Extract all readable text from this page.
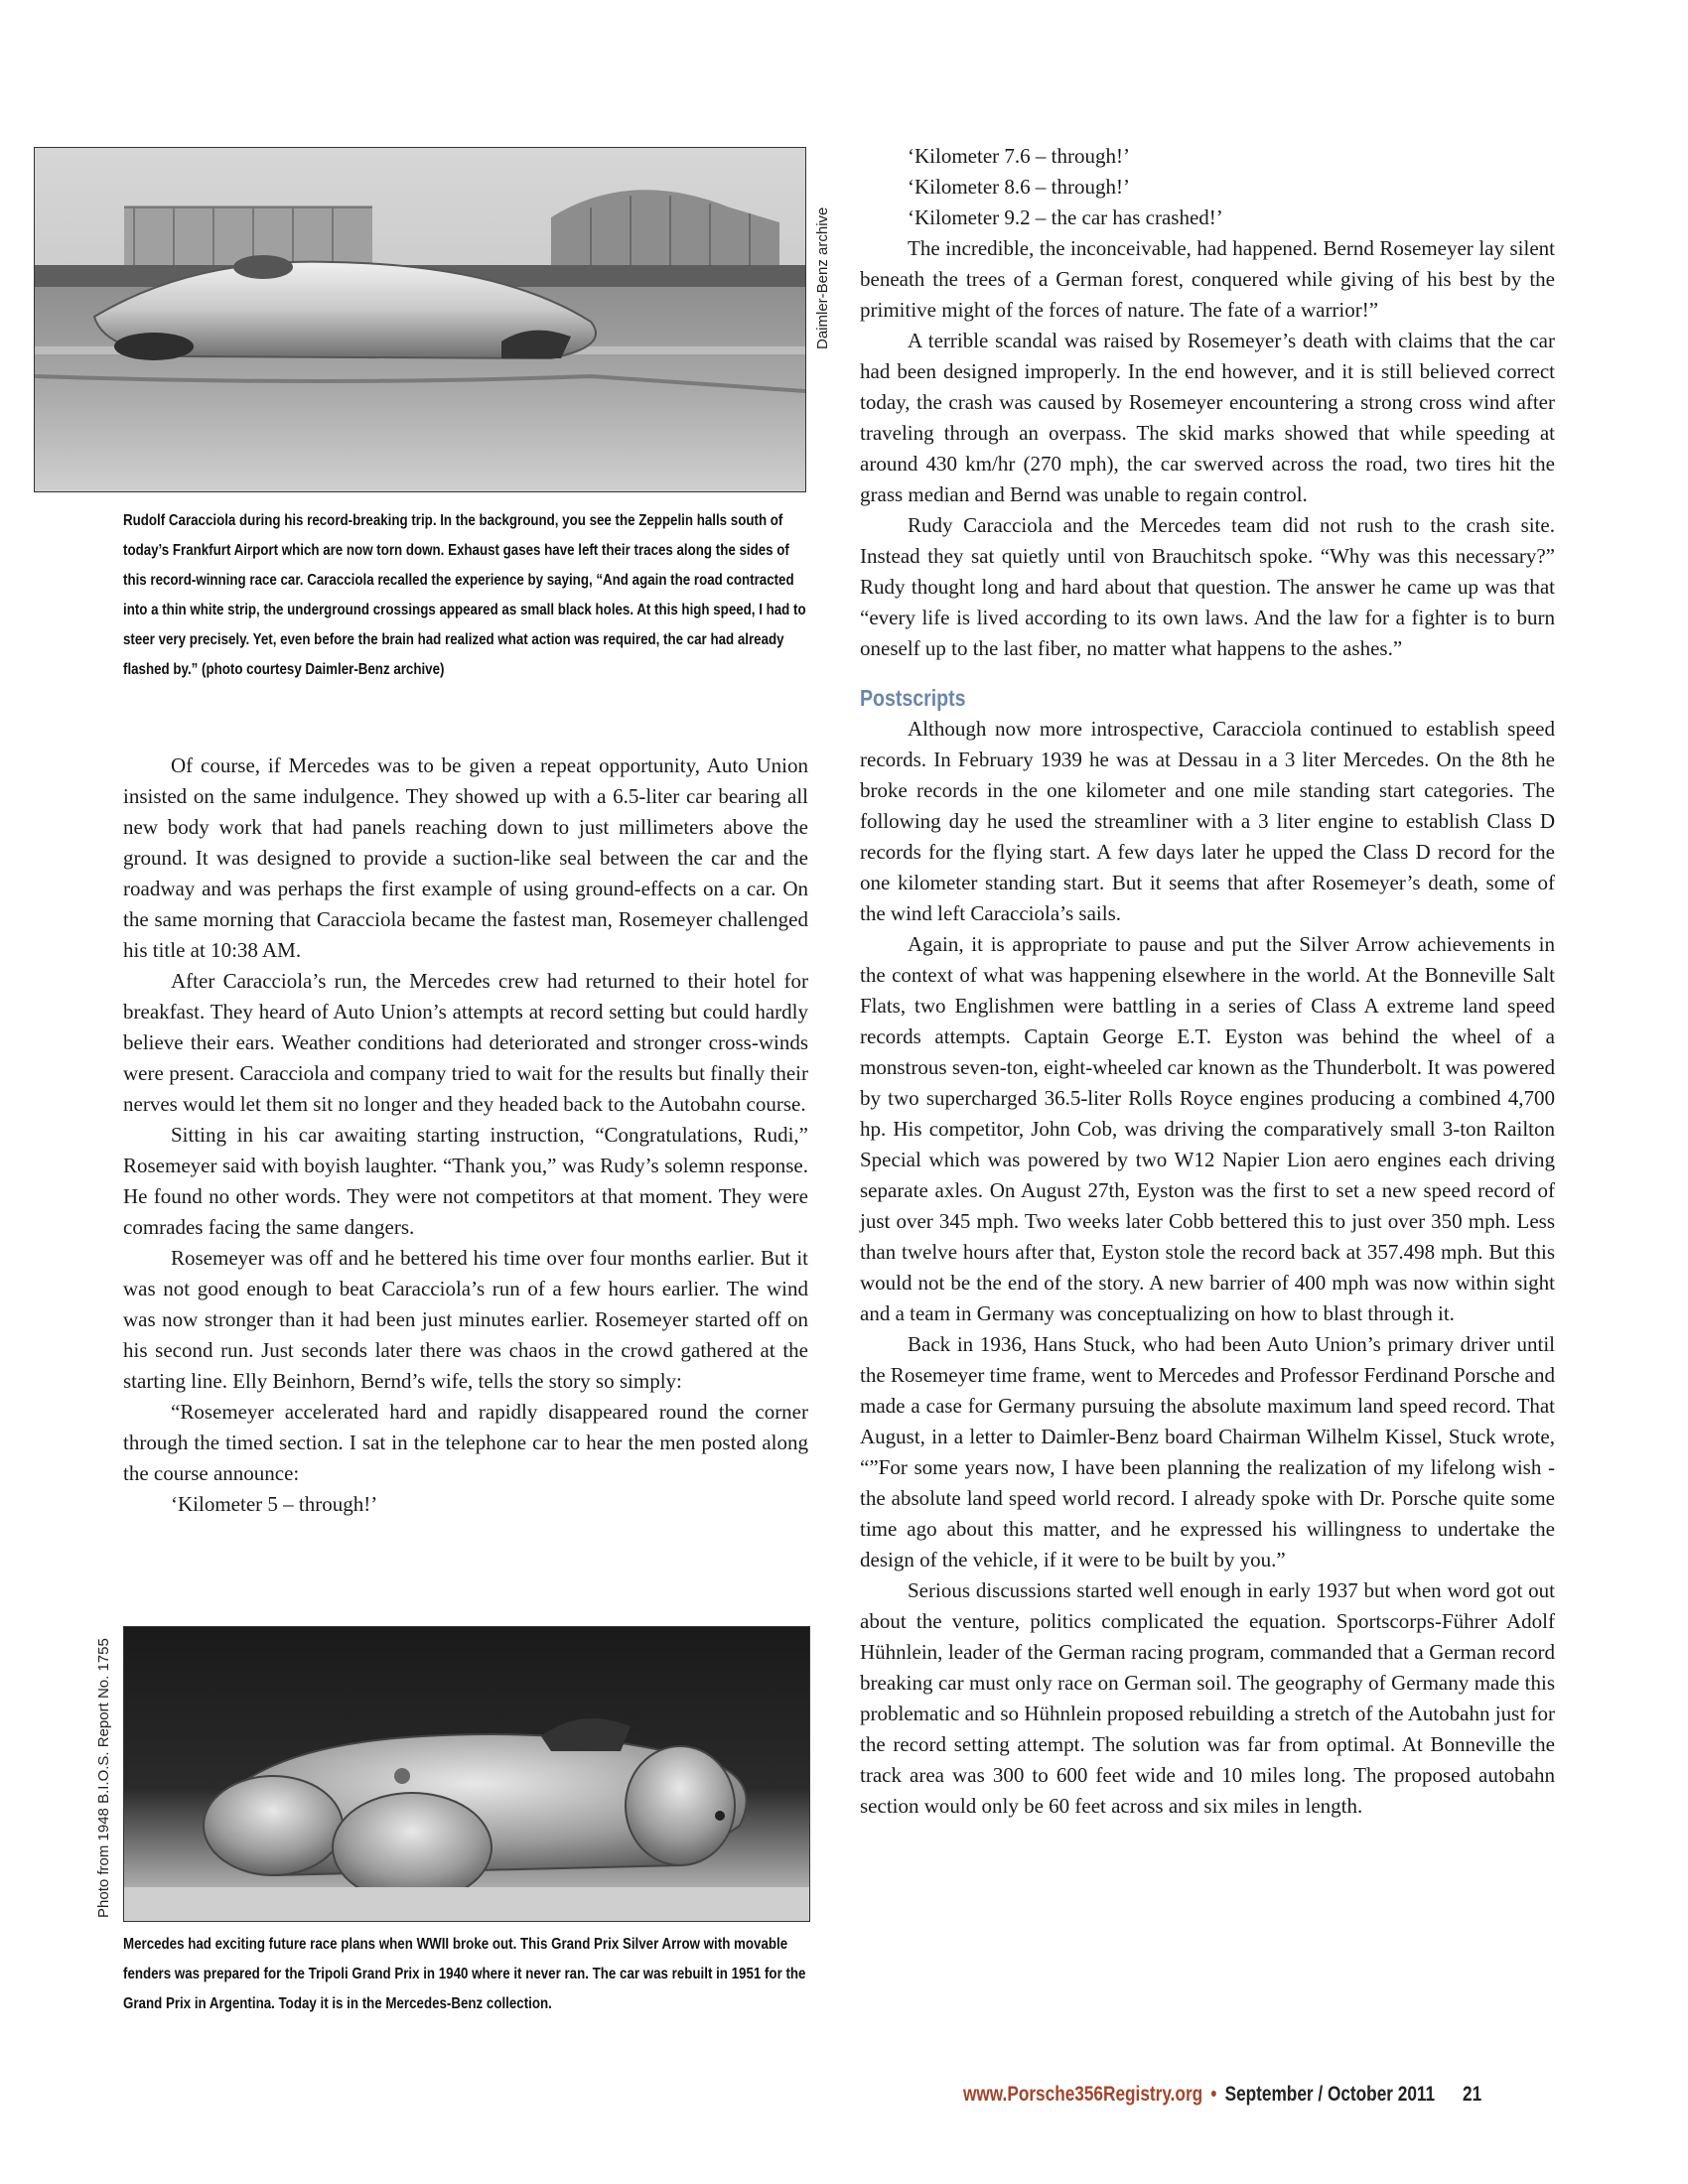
Daimler-Benz archive
Rudolf Caracciola during his record-breaking trip. In the background, you see the Zeppelin halls south of today’s Frankfurt Airport which are now torn down. Exhaust gases have left their traces along the sides of this record-winning race car. Caracciola recalled the experience by saying, “And again the road contracted into a thin white strip, the underground crossings appeared as small black holes. At this high speed, I had to steer very precisely. Yet, even before the brain had realized what action was required, the car had already flashed by.” (photo courtesy Daimler-Benz archive)

Of course, if Mercedes was to be given a repeat opportunity, Auto Union insisted on the same indulgence. They showed up with a 6.5-liter car bearing all new body work that had panels reaching down to just millimeters above the ground. It was designed to provide a suction-like seal between the car and the roadway and was perhaps the first example of using ground-effects on a car. On the same morning that Caracciola became the fastest man, Rosemeyer challenged his title at 10:38 AM.

After Caracciola’s run, the Mercedes crew had returned to their hotel for breakfast. They heard of Auto Union’s attempts at record setting but could hardly believe their ears. Weather conditions had deteriorated and stronger cross-winds were present. Caracciola and company tried to wait for the results but finally their nerves would let them sit no longer and they headed back to the Autobahn course.

Sitting in his car awaiting starting instruction, “Congratulations, Rudi,” Rosemeyer said with boyish laughter. “Thank you,” was Rudy’s solemn response. He found no other words. They were not competitors at that moment. They were comrades facing the same dangers.

Rosemeyer was off and he bettered his time over four months earlier. But it was not good enough to beat Caracciola’s run of a few hours earlier. The wind was now stronger than it had been just minutes earlier. Rosemeyer started off on his second run. Just seconds later there was chaos in the crowd gathered at the starting line. Elly Beinhorn, Bernd’s wife, tells the story so simply:

“Rosemeyer accelerated hard and rapidly disappeared round the corner through the timed section. I sat in the telephone car to hear the men posted along the course announce:

‘Kilometer 5 – through!’

Photo from 1948 B.I.O.S. Report No. 1755
Mercedes had exciting future race plans when WWII broke out. This Grand Prix Silver Arrow with movable fenders was prepared for the Tripoli Grand Prix in 1940 where it never ran. The car was rebuilt in 1951 for the Grand Prix in Argentina. Today it is in the Mercedes-Benz collection.

‘Kilometer 7.6 – through!’

‘Kilometer 8.6 – through!’

‘Kilometer 9.2 – the car has crashed!’

The incredible, the inconceivable, had happened. Bernd Rosemeyer lay silent beneath the trees of a German forest, conquered while giving of his best by the primitive might of the forces of nature. The fate of a warrior!”

A terrible scandal was raised by Rosemeyer’s death with claims that the car had been designed improperly. In the end however, and it is still believed correct today, the crash was caused by Rosemeyer encountering a strong cross wind after traveling through an overpass. The skid marks showed that while speeding at around 430 km/hr (270 mph), the car swerved across the road, two tires hit the grass median and Bernd was unable to regain control.

Rudy Caracciola and the Mercedes team did not rush to the crash site. Instead they sat quietly until von Brauchitsch spoke. “Why was this necessary?” Rudy thought long and hard about that question. The answer he came up was that “every life is lived according to its own laws. And the law for a fighter is to burn oneself up to the last fiber, no matter what happens to the ashes.”

Postscripts

Although now more introspective, Caracciola continued to establish speed records. In February 1939 he was at Dessau in a 3 liter Mercedes. On the 8th he broke records in the one kilometer and one mile standing start categories. The following day he used the streamliner with a 3 liter engine to establish Class D records for the flying start. A few days later he upped the Class D record for the one kilometer standing start. But it seems that after Rosemeyer’s death, some of the wind left Caracciola’s sails.

Again, it is appropriate to pause and put the Silver Arrow achievements in the context of what was happening elsewhere in the world. At the Bonneville Salt Flats, two Englishmen were battling in a series of Class A extreme land speed records attempts. Captain George E.T. Eyston was behind the wheel of a monstrous seven-ton, eight-wheeled car known as the Thunderbolt. It was powered by two supercharged 36.5-liter Rolls Royce engines producing a combined 4,700 hp. His competitor, John Cob, was driving the comparatively small 3-ton Railton Special which was powered by two W12 Napier Lion aero engines each driving separate axles. On August 27th, Eyston was the first to set a new speed record of just over 345 mph. Two weeks later Cobb bettered this to just over 350 mph. Less than twelve hours after that, Eyston stole the record back at 357.498 mph. But this would not be the end of the story. A new barrier of 400 mph was now within sight and a team in Germany was conceptualizing on how to blast through it.

Back in 1936, Hans Stuck, who had been Auto Union’s primary driver until the Rosemeyer time frame, went to Mercedes and Professor Ferdinand Porsche and made a case for Germany pursuing the absolute maximum land speed record. That August, in a letter to Daimler-Benz board Chairman Wilhelm Kissel, Stuck wrote, “”For some years now, I have been planning the realization of my lifelong wish - the absolute land speed world record. I already spoke with Dr. Porsche quite some time ago about this matter, and he expressed his willingness to undertake the design of the vehicle, if it were to be built by you.”

Serious discussions started well enough in early 1937 but when word got out about the venture, politics complicated the equation. Sportscorps-Führer Adolf Hühnlein, leader of the German racing program, commanded that a German record breaking car must only race on German soil. The geography of Germany made this problematic and so Hühnlein proposed rebuilding a stretch of the Autobahn just for the record setting attempt. The solution was far from optimal. At Bonneville the track area was 300 to 600 feet wide and 10 miles long. The proposed autobahn section would only be 60 feet across and six miles in length.

www.Porsche356Registry.org • September / October 2011 21
